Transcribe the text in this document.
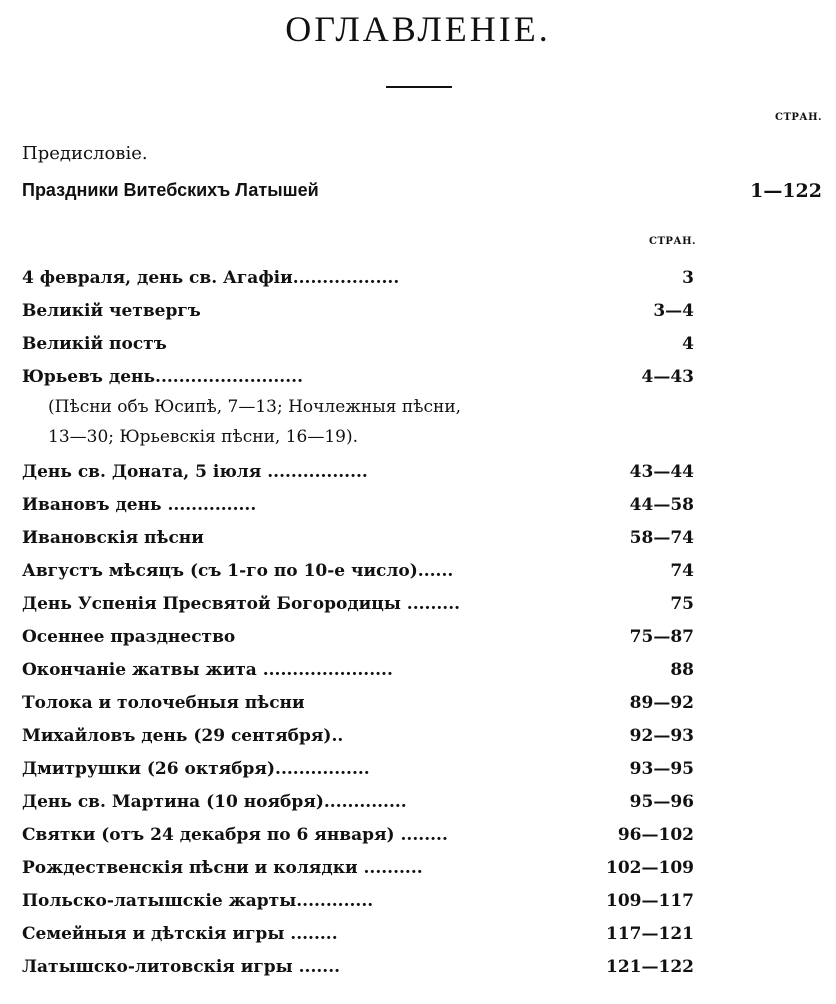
ОГЛАВЛЕНIЕ.
СТРАН.
Предисловiе.
Праздники Витебскихъ Латышей	1—122
СТРАН.
4 февраля, день св. Агафiи..................	3
Великiй четвергъ	3—4
Великiй постъ	4
Юрьевъ день.........................	4—43
(Пѣсни объ Юсипѣ, 7—13; Ночлежныя пѣсни,
13—30; Юрьевскiя пѣсни, 16—19).
День св. Доната, 5 iюля .................	43—44
Ивановъ день ...............	44—58
Ивановскiя пѣсни	58—74
Августъ мѣсяцъ (съ 1-го по 10-е число)......	74
День Успенiя Пресвятой Богородицы .........	75
Осеннее празднество	75—87
Окончанiе жатвы жита ......................	88
Толока и толочебныя пѣсни	89—92
Михайловъ день (29 сентября)..	92—93
Дмитрушки (26 октября)................	93—95
День св. Мартина (10 ноября)..............	95—96
Святки (отъ 24 декабря по 6 января) ........	96—102
Рождественскiя пѣсни и колядки ..........	102—109
Польско-латышскiе жарты.............	109—117
Семейныя и дѣтскiя игры ........	117—121
Латышско-литовскiя игры .......	121—122
